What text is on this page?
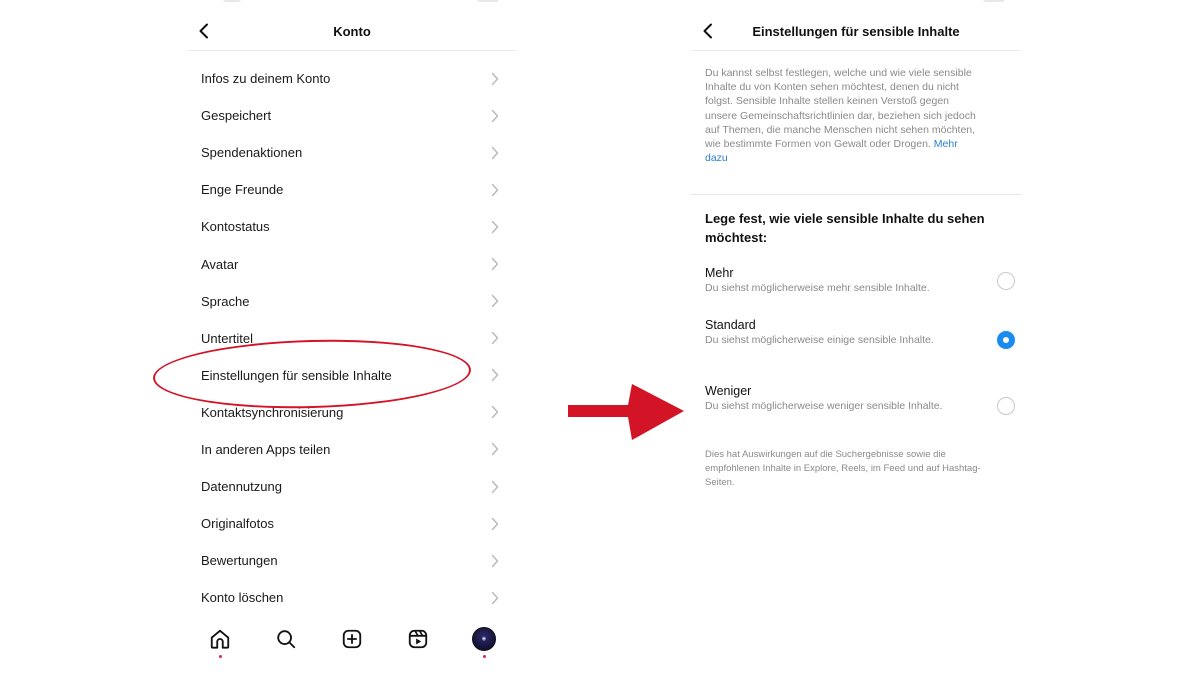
Konto
Infos zu deinem Konto
Gespeichert
Spendenaktionen
Enge Freunde
Kontostatus
Avatar
Sprache
Untertitel
Einstellungen für sensible Inhalte
Kontaktsynchronisierung
In anderen Apps teilen
Datennutzung
Originalfotos
Bewertungen
Konto löschen
◉
Einstellungen für sensible Inhalte
Du kannst selbst festlegen, welche und wie viele sensible Inhalte du von Konten sehen möchtest, denen du nicht folgst. Sensible Inhalte stellen keinen Verstoß gegen unsere Gemeinschaftsrichtlinien dar, beziehen sich jedoch auf Themen, die manche Menschen nicht sehen möchten, wie bestimmte Formen von Gewalt oder Drogen. Mehr dazu
Lege fest, wie viele sensible Inhalte du sehen möchtest:
Mehr
Du siehst möglicherweise mehr sensible Inhalte.
Standard
Du siehst möglicherweise einige sensible Inhalte.
Weniger
Du siehst möglicherweise weniger sensible Inhalte.
Dies hat Auswirkungen auf die Suchergebnisse sowie die empfohlenen Inhalte in Explore, Reels, im Feed und auf Hashtag-Seiten.
